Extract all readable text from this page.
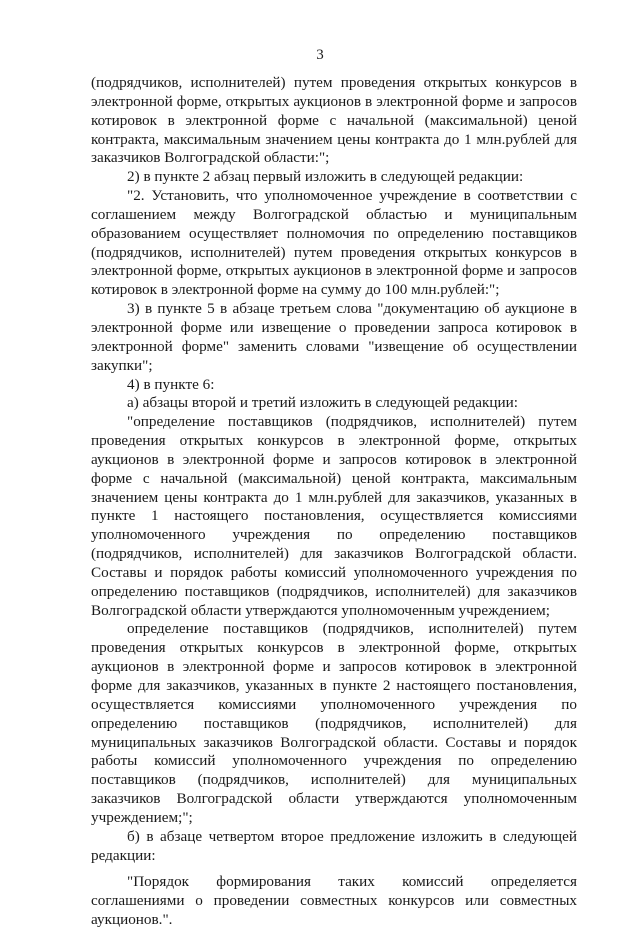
3

(подрядчиков, исполнителей) путем проведения открытых конкурсов в электронной форме, открытых аукционов в электронной форме и запросов котировок в электронной форме с начальной (максимальной) ценой контракта, максимальным значением цены контракта до 1 млн.рублей для заказчиков Волгоградской области:";

2) в пункте 2 абзац первый изложить в следующей редакции:

"2. Установить, что уполномоченное учреждение в соответствии с соглашением между Волгоградской областью и муниципальным образованием осуществляет полномочия по определению поставщиков (подрядчиков, исполнителей) путем проведения открытых конкурсов в электронной форме, открытых аукционов в электронной форме и запросов котировок в электронной форме на сумму до 100 млн.рублей:";

3) в пункте 5 в абзаце третьем слова "документацию об аукционе в электронной форме или извещение о проведении запроса котировок в электронной форме" заменить словами "извещение об осуществлении закупки";

4) в пункте 6:

а) абзацы второй и третий изложить в следующей редакции:

"определение поставщиков (подрядчиков, исполнителей) путем проведения открытых конкурсов в электронной форме, открытых аукционов в электронной форме и запросов котировок в электронной форме с начальной (максимальной) ценой контракта, максимальным значением цены контракта до 1 млн.рублей для заказчиков, указанных в пункте 1 настоящего постановления, осуществляется комиссиями уполномоченного учреждения по определению поставщиков (подрядчиков, исполнителей) для заказчиков Волгоградской области. Составы и порядок работы комиссий уполномоченного учреждения по определению поставщиков (подрядчиков, исполнителей) для заказчиков Волгоградской области утверждаются уполномоченным учреждением;

определение поставщиков (подрядчиков, исполнителей) путем проведения открытых конкурсов в электронной форме, открытых аукционов в электронной форме и запросов котировок в электронной форме для заказчиков, указанных в пункте 2 настоящего постановления, осуществляется комиссиями уполномоченного учреждения по определению поставщиков (подрядчиков, исполнителей) для муниципальных заказчиков Волгоградской области. Составы и порядок работы комиссий уполномоченного учреждения по определению поставщиков (подрядчиков, исполнителей) для муниципальных заказчиков Волгоградской области утверждаются уполномоченным учреждением;";

б) в абзаце четвертом второе предложение изложить в следующей редакции:

"Порядок формирования таких комиссий определяется соглашениями о проведении совместных конкурсов или совместных аукционов.".
